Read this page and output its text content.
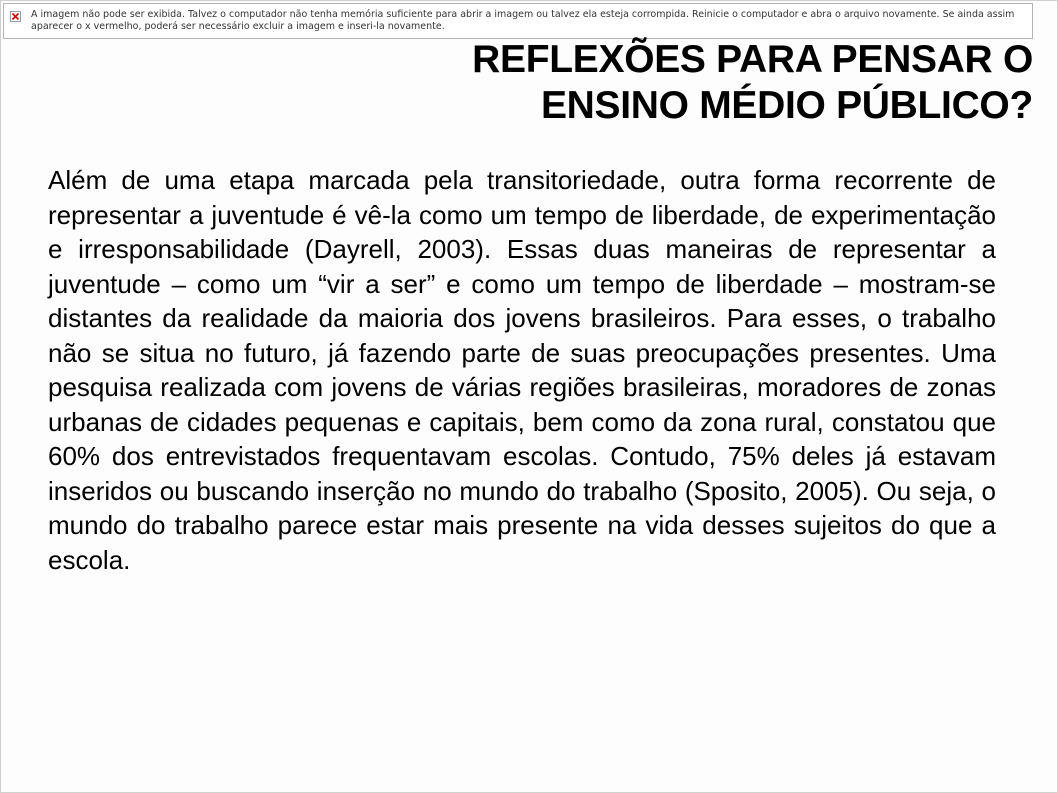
A imagem não pode ser exibida. Talvez o computador não tenha memória suficiente para abrir a imagem ou talvez ela esteja corrompida. Reinicie o computador e abra o arquivo novamente. Se ainda assim aparecer o x vermelho, poderá ser necessário excluir a imagem e inseri-la novamente.

REFLEXÕES PARA PENSAR O
ENSINO MÉDIO PÚBLICO?

Além de uma etapa marcada pela transitoriedade, outra forma recorrente de representar a juventude é vê-la como um tempo de liberdade, de experimentação e irresponsabilidade (Dayrell, 2003). Essas duas maneiras de representar a juventude – como um “vir a ser” e como um tempo de liberdade – mostram-se distantes da realidade da maioria dos jovens brasileiros. Para esses, o trabalho não se situa no futuro, já fazendo parte de suas preocupações presentes. Uma pesquisa realizada com jovens de várias regiões brasileiras, moradores de zonas urbanas de cidades pequenas e capitais, bem como da zona rural, constatou que 60% dos entrevistados frequentavam escolas. Contudo, 75% deles já estavam inseridos ou buscando inserção no mundo do trabalho (Sposito, 2005). Ou seja, o mundo do trabalho parece estar mais presente na vida desses sujeitos do que a escola.
